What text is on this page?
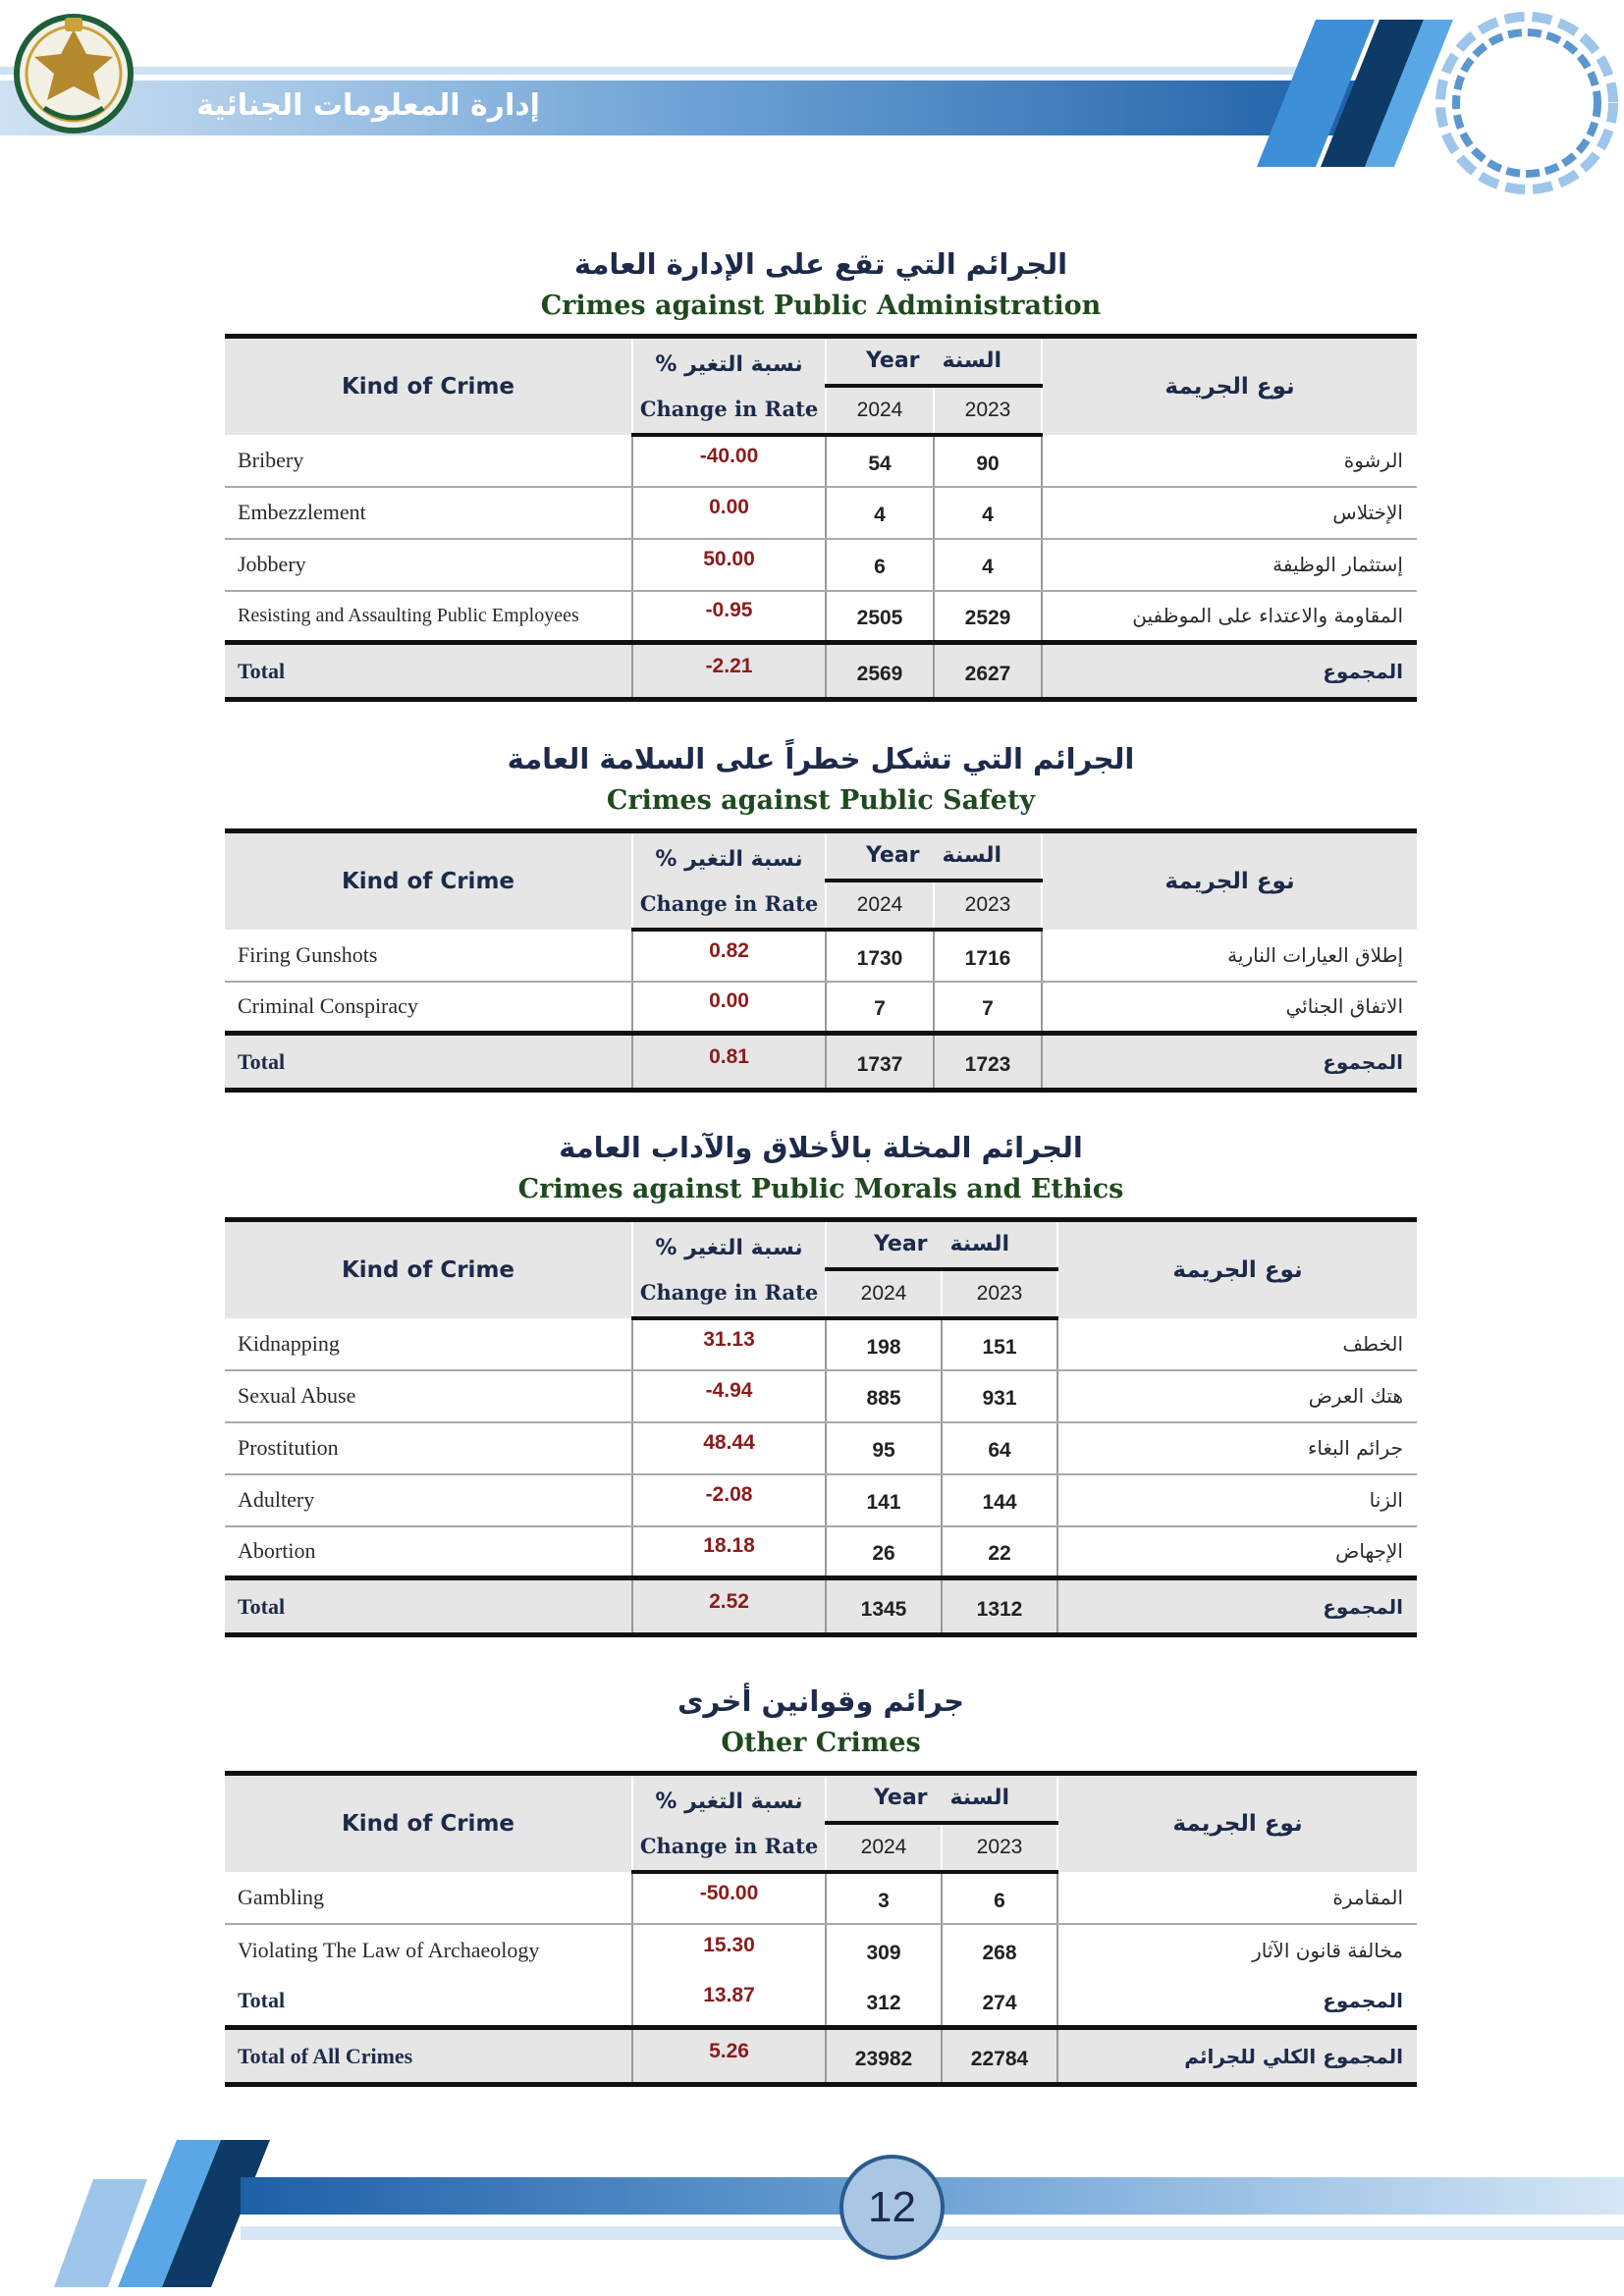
إدارة المعلومات الجنائية
الجرائم التي تقع على الإدارة العامة
Crimes against Public Administration
Kind of Crime	نسبة التغير %	Year السنة		نوع الجريمة
	Change in Rate	2024	2023	
Bribery	-40.00	54	90	الرشوة
Embezzlement	0.00	4	4	الإختلاس
Jobbery	50.00	6	4	إستثمار الوظيفة
Resisting and Assaulting Public Employees	-0.95	2505	2529	المقاومة والاعتداء على الموظفين
Total	-2.21	2569	2627	المجموع
الجرائم التي تشكل خطراً على السلامة العامة
Crimes against Public Safety
Kind of Crime	نسبة التغير %	Year السنة		نوع الجريمة
	Change in Rate	2024	2023	
Firing Gunshots	0.82	1730	1716	إطلاق العيارات النارية
Criminal Conspiracy	0.00	7	7	الاتفاق الجنائي
Total	0.81	1737	1723	المجموع
الجرائم المخلة بالأخلاق والآداب العامة
Crimes against Public Morals and Ethics
Kind of Crime	نسبة التغير %	Year السنة		نوع الجريمة
	Change in Rate	2024	2023	
Kidnapping	31.13	198	151	الخطف
Sexual Abuse	-4.94	885	931	هتك العرض
Prostitution	48.44	95	64	جرائم البغاء
Adultery	-2.08	141	144	الزنا
Abortion	18.18	26	22	الإجهاض
Total	2.52	1345	1312	المجموع
جرائم وقوانين أخرى
Other Crimes
Kind of Crime	نسبة التغير %	Year السنة		نوع الجريمة
	Change in Rate	2024	2023	
Gambling	-50.00	3	6	المقامرة
Violating The Law of Archaeology	15.30	309	268	مخالفة قانون الآثار
Total	13.87	312	274	المجموع
Total of All Crimes	5.26	23982	22784	المجموع الكلي للجرائم
12
